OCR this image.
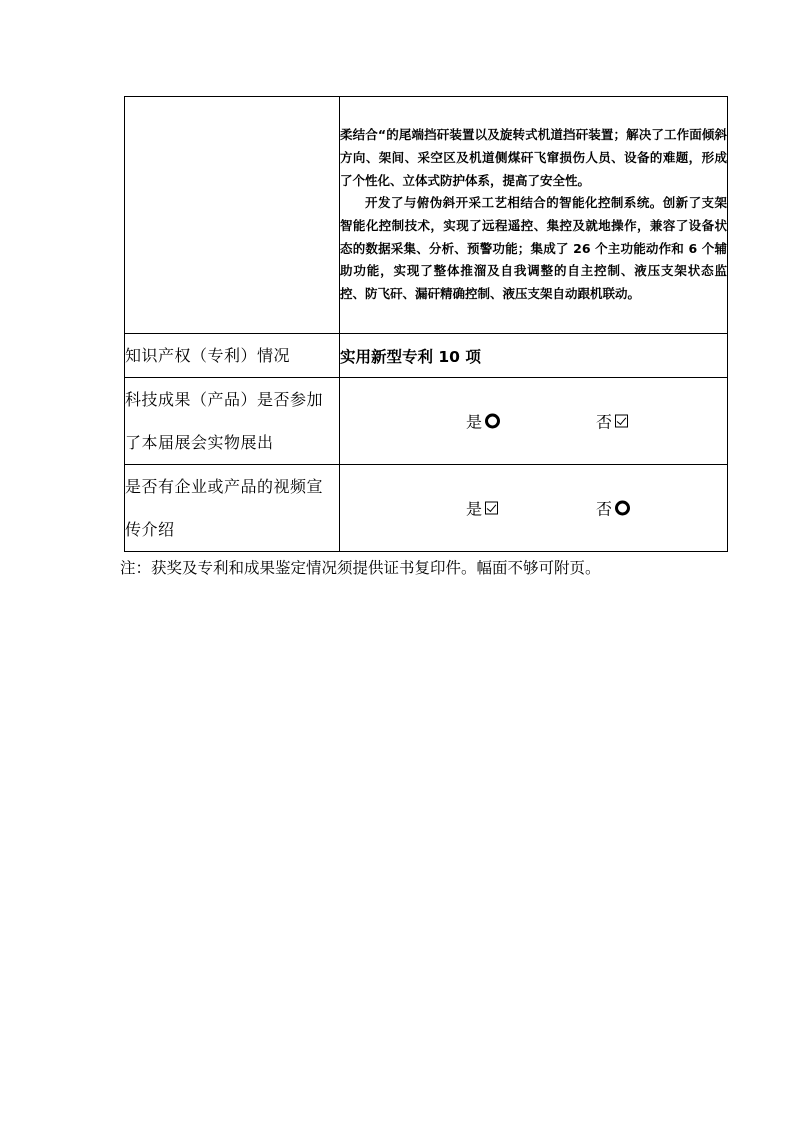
	柔结合“的尾端挡矸装置以及旋转式机道挡矸装置；解决了工作面倾斜方向、架间、采空区及机道侧煤矸飞窜损伤人员、设备的难题，形成了个性化、立体式防护体系，提高了安全性。

开发了与俯伪斜开采工艺相结合的智能化控制系统。创新了支架智能化控制技术，实现了远程遥控、集控及就地操作，兼容了设备状态的数据采集、分析、预警功能；集成了 26 个主功能动作和 6 个辅助功能，实现了整体推溜及自我调整的自主控制、液压支架状态监控、防飞矸、漏矸精确控制、液压支架自动跟机联动。

知识产权（专利）情况	实用新型专利 10 项
科技成果（产品）是否参加了本届展会实物展出	是 否

是否有企业或产品的视频宣传介绍	是 否
注：获奖及专利和成果鉴定情况须提供证书复印件。幅面不够可附页。
